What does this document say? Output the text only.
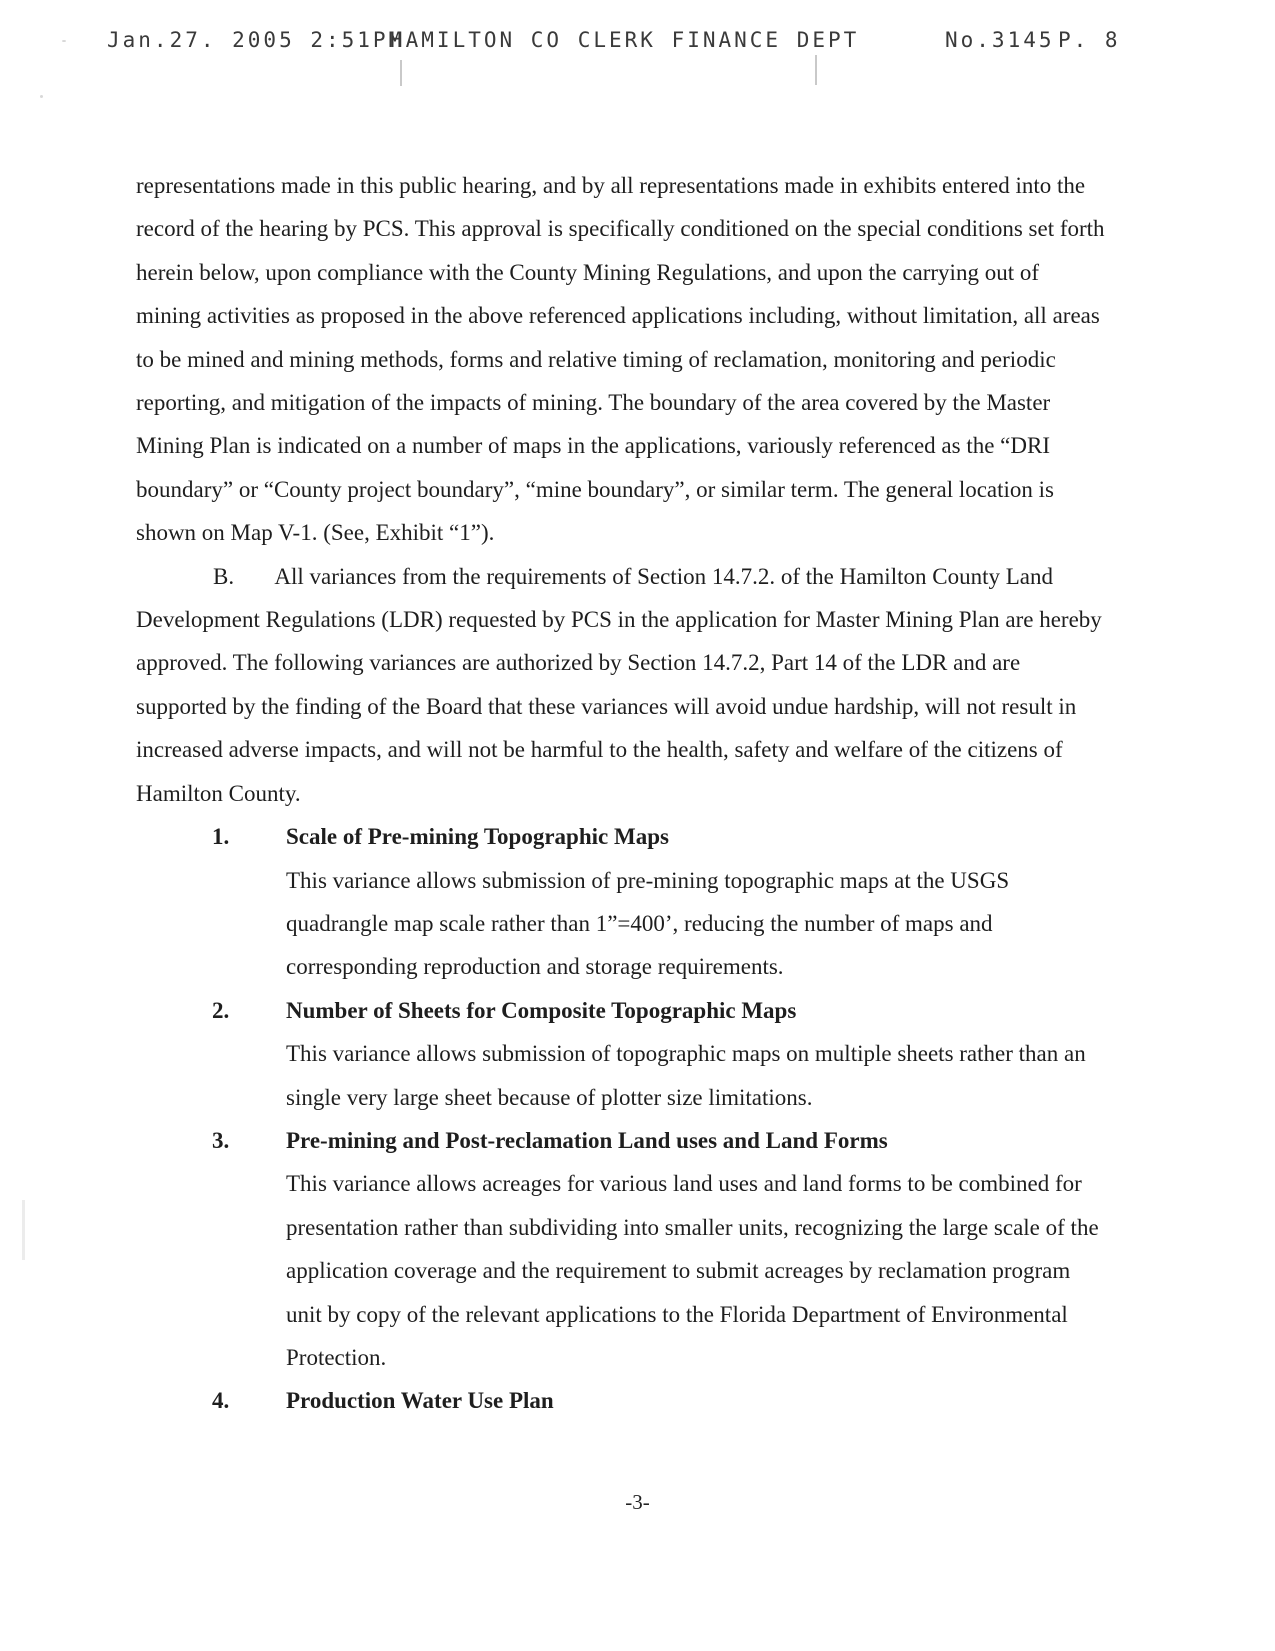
Jan.27. 2005 2:51PM
HAMILTON CO CLERK FINANCE DEPT	No.3145 P. 8

representations made in this public hearing, and by all representations made in exhibits entered into the record of the hearing by PCS. This approval is specifically conditioned on the special conditions set forth herein below, upon compliance with the County Mining Regulations, and upon the carrying out of mining activities as proposed in the above referenced applications including, without limitation, all areas to be mined and mining methods, forms and relative timing of reclamation, monitoring and periodic reporting, and mitigation of the impacts of mining. The boundary of the area covered by the Master Mining Plan is indicated on a number of maps in the applications, variously referenced as the “DRI boundary” or “County project boundary”, “mine boundary”, or similar term. The general location is shown on Map V-1. (See, Exhibit “1”).

B. All variances from the requirements of Section 14.7.2. of the Hamilton County Land Development Regulations (LDR) requested by PCS in the application for Master Mining Plan are hereby approved. The following variances are authorized by Section 14.7.2, Part 14 of the LDR and are supported by the finding of the Board that these variances will avoid undue hardship, will not result in increased adverse impacts, and will not be harmful to the health, safety and welfare of the citizens of Hamilton County.

1. Scale of Pre-mining Topographic Maps
This variance allows submission of pre-mining topographic maps at the USGS quadrangle map scale rather than 1”=400’, reducing the number of maps and corresponding reproduction and storage requirements.
2. Number of Sheets for Composite Topographic Maps
This variance allows submission of topographic maps on multiple sheets rather than an single very large sheet because of plotter size limitations.
3. Pre-mining and Post-reclamation Land uses and Land Forms
This variance allows acreages for various land uses and land forms to be combined for presentation rather than subdividing into smaller units, recognizing the large scale of the application coverage and the requirement to submit acreages by reclamation program unit by copy of the relevant applications to the Florida Department of Environmental Protection.
4. Production Water Use Plan
-3-
